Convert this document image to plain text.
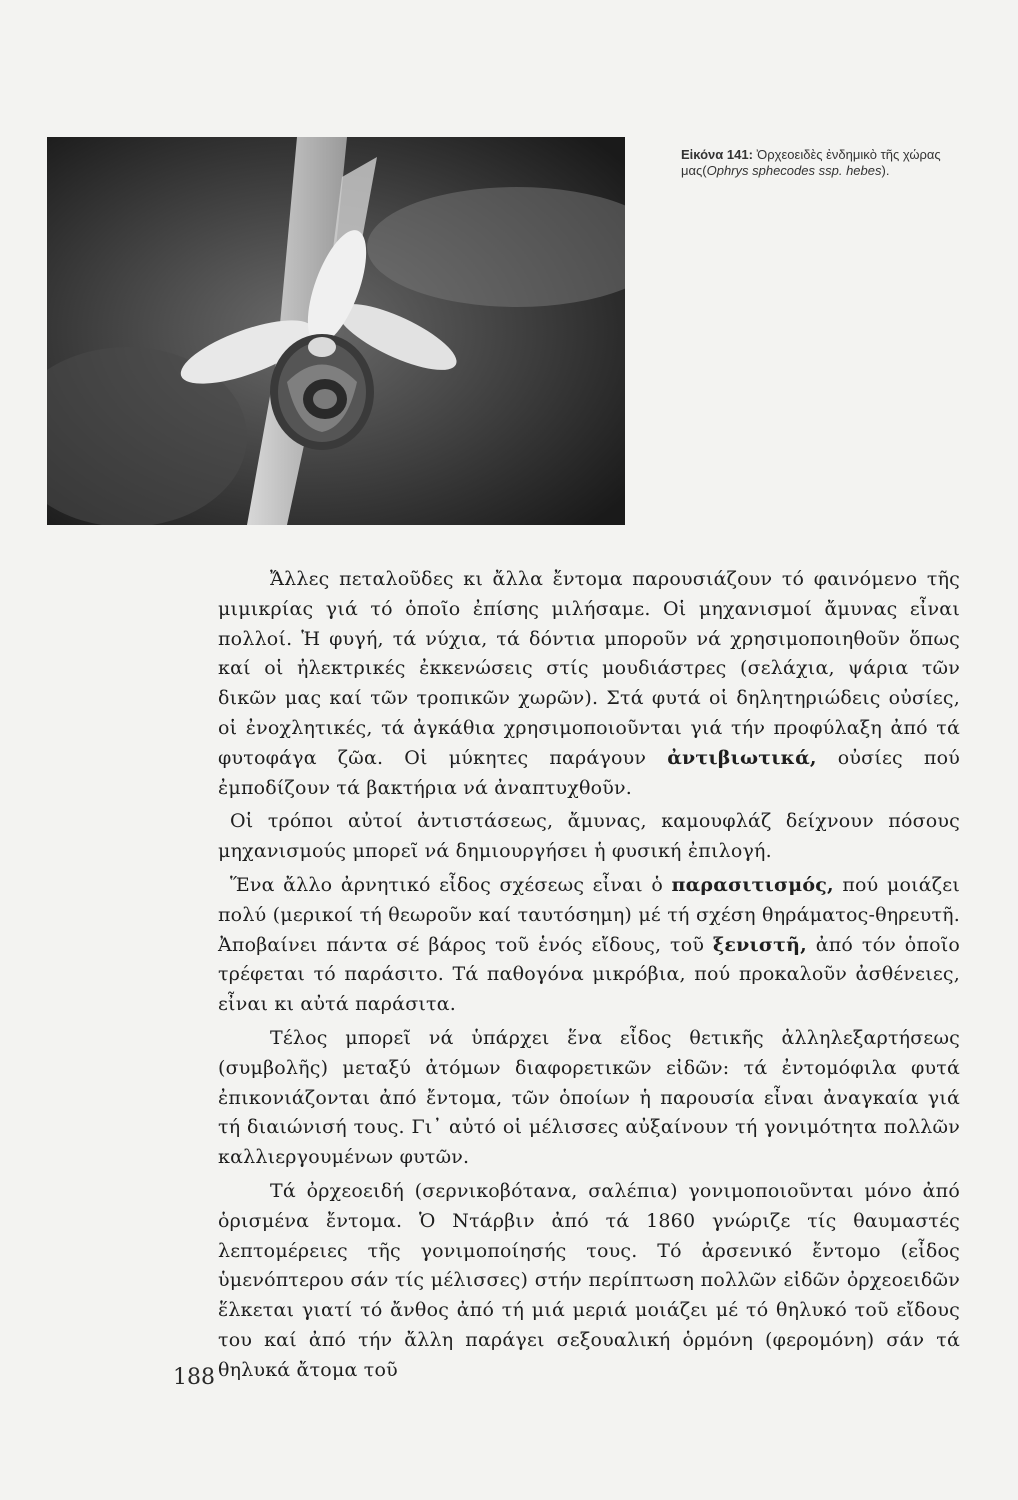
Εἰκόνα 141: Ὀρχεοειδὲς ἐνδημικὸ τῆς χώρας μας(Ophrys sphecodes ssp. hebes).

Ἄλλες πεταλοῦδες κι ἄλλα ἔντομα παρουσιάζουν τό φαινόμενο τῆς μιμικρίας γιά τό ὁποῖο ἐπίσης μιλήσαμε. Οἱ μηχανισμοί ἄμυνας εἶναι πολλοί. Ἡ φυγή, τά νύχια, τά δόντια μποροῦν νά χρησιμοποιηθοῦν ὅπως καί οἱ ἠλεκτρικές ἐκκενώσεις στίς μουδιάστρες (σελάχια, ψάρια τῶν δικῶν μας καί τῶν τροπικῶν χωρῶν). Στά φυτά οἱ δηλητηριώδεις οὐσίες, οἱ ἐνοχλητικές, τά ἀγκάθια χρησιμοποιοῦνται γιά τήν προφύλαξη ἀπό τά φυτοφάγα ζῶα. Οἱ μύκητες παράγουν ἀντιβιωτικά, οὐσίες πού ἐμποδίζουν τά βακτήρια νά ἀναπτυχθοῦν.

Οἱ τρόποι αὐτοί ἀντιστάσεως, ἄμυνας, καμουφλάζ δείχνουν πόσους μηχανισμούς μπορεῖ νά δημιουργήσει ἡ φυσική ἐπιλογή.

Ἕνα ἄλλο ἀρνητικό εἶδος σχέσεως εἶναι ὁ παρασιτισμός, πού μοιάζει πολύ (μερικοί τή θεωροῦν καί ταυτόσημη) μέ τή σχέση θηράματος-θηρευτῆ. Ἀποβαίνει πάντα σέ βάρος τοῦ ἑνός εἴδους, τοῦ ξενιστῆ, ἀπό τόν ὁποῖο τρέφεται τό παράσιτο. Τά παθογόνα μικρόβια, πού προκαλοῦν ἀσθένειες, εἶναι κι αὐτά παράσιτα.

Τέλος μπορεῖ νά ὑπάρχει ἕνα εἶδος θετικῆς ἀλληλεξαρτήσεως (συμβολῆς) μεταξύ ἀτόμων διαφορετικῶν εἰδῶν: τά ἐντομόφιλα φυτά ἐπικονιάζονται ἀπό ἔντομα, τῶν ὁποίων ἡ παρουσία εἶναι ἀναγκαία γιά τή διαιώνισή τους. Γι᾿ αὐτό οἱ μέλισσες αὐξαίνουν τή γονιμότητα πολλῶν καλλιεργουμένων φυτῶν.

Τά ὀρχεοειδή (σερνικοβότανα, σαλέπια) γονιμοποιοῦνται μόνο ἀπό ὁρισμένα ἔντομα. Ὁ Ντάρβιν ἀπό τά 1860 γνώριζε τίς θαυμαστές λεπτομέρειες τῆς γονιμοποίησής τους. Τό ἀρσενικό ἔντομο (εἶδος ὑμενόπτερου σάν τίς μέλισσες) στήν περίπτωση πολλῶν εἰδῶν ὀρχεοειδῶν ἕλκεται γιατί τό ἄνθος ἀπό τή μιά μεριά μοιάζει μέ τό θηλυκό τοῦ εἴδους του καί ἀπό τήν ἄλλη παράγει σεξουαλική ὁρμόνη (φερομόνη) σάν τά θηλυκά ἄτομα τοῦ

188
